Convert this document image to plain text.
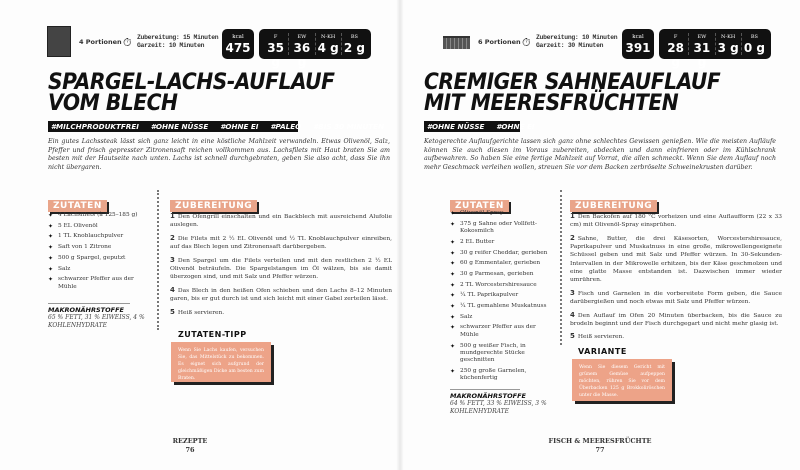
4 Portionen ⏱ Zubereitung: 15 Minuten
Garzeit: 10 Minuten
kcal
475
F
35 g
EW
36 g
N-KH
4 g
BS
2 g
SPARGEL-LACHS-AUFLAUF
VOM BLECH
#MILCHPRODUKTFREI #OHNE NÜSSE #OHNE EI #PALEO #BIS 30 MINUTEN
Ein gutes Lachssteak lässt sich ganz leicht in eine köstliche Mahlzeit verwandeln. Etwas Olivenöl, Salz, Pfeffer und frisch gepresster Zitronensaft reichen vollkommen aus. Lachsfilets mit Haut braten Sie am besten mit der Hautseite nach unten. Lachs ist schnell durchgebraten, geben Sie also acht, dass Sie ihn nicht übergaren.
ZUTATEN
✦ 4 Lachsfilets (à 125–185 g)
✦ 5 EL Olivenöl
✦ 1 TL Knoblauchpulver
✦ Saft von 1 Zitrone
✦ 500 g Spargel, geputzt
✦ Salz
✦ schwarzer Pfeffer aus der Mühle
MAKRONÄHRSTOFFE
65 % FETT, 31 % EIWEISS, 4 % KOHLENHYDRATE
ZUBEREITUNG
1 Den Ofengrill einschalten und ein Backblech mit ausreichend Alufolie auslegen.
2 Die Filets mit 2 ½ EL Olivenöl und ½ TL Knoblauchpulver einreiben, auf das Blech legen und Zitronensaft darübergeben.
3 Den Spargel um die Filets verteilen und mit den restlichen 2 ½ EL Olivenöl beträufeln. Die Spargelstangen im Öl wälzen, bis sie damit überzogen sind, und mit Salz und Pfeffer würzen.
4 Das Blech in den heißen Ofen schieben und den Lachs 8–12 Minuten garen, bis er gut durch ist und sich leicht mit einer Gabel zerteilen lässt.
5 Heiß servieren.
ZUTATEN-TIPP
Wenn Sie Lachs kaufen, versuchen Sie, das Mittelstück zu bekommen. Es eignet sich aufgrund der gleichmäßigen Dicke am besten zum Braten.
REZEPTE
76
6 Portionen ⏱ Zubereitung: 10 Minuten
Garzeit: 30 Minuten
kcal
391
F
28 g
EW
31 g
N-KH
3 g
BS
0 g
CREMIGER SAHNEAUFLAUF
MIT MEERESFRÜCHTEN
#OHNE NÜSSE #OHNE EI
Ketogerechte Auflaufgerichte lassen sich ganz ohne schlechtes Gewissen genießen. Wie die meisten Aufläufe können Sie auch diesen im Voraus zubereiten, abdecken und dann einfrieren oder im Kühlschrank aufbewahren. So haben Sie eine fertige Mahlzeit auf Vorrat, die allen schmeckt. Wenn Sie dem Auflauf noch mehr Geschmack verleihen wollen, streuen Sie vor dem Backen zerbröselte Schweinekrusten darüber.
ZUTATEN
✦ Olivenöl-Spray
✦ 375 g Sahne oder Vollfett-Kokosmilch
✦ 2 EL Butter
✦ 30 g reifer Cheddar, gerieben
✦ 60 g Emmentaler, gerieben
✦ 30 g Parmesan, gerieben
✦ 2 TL Worcestershiresauce
✦ ¼ TL Paprikapulver
✦ ¼ TL gemahlene Muskatnuss
✦ Salz
✦ schwarzer Pfeffer aus der Mühle
✦ 500 g weißer Fisch, in mundgerechte Stücke geschnitten
✦ 250 g große Garnelen, küchenfertig
MAKRONÄHRSTOFFE
64 % FETT, 33 % EIWEISS, 3 % KOHLENHYDRATE
ZUBEREITUNG
1 Den Backofen auf 180 °C vorheizen und eine Auflaufform (22 x 33 cm) mit Olivenöl-Spray einsprühen.
2 Sahne, Butter, die drei Käsesorten, Worcestershiresauce, Paprikapulver und Muskatnuss in eine große, mikrowellengeeignete Schüssel geben und mit Salz und Pfeffer würzen. In 30-Sekunden-Intervallen in der Mikrowelle erhitzen, bis der Käse geschmolzen und eine glatte Masse entstanden ist. Dazwischen immer wieder umrühren.
3 Fisch und Garnelen in die vorbereitete Form geben, die Sauce darübergießen und noch etwas mit Salz und Pfeffer würzen.
4 Den Auflauf im Ofen 20 Minuten überbacken, bis die Sauce zu brodeln beginnt und der Fisch durchgegart und nicht mehr glasig ist.
5 Heiß servieren.
VARIANTE
Wenn Sie diesem Gericht mit grünem Gemüse aufpeppen möchten, rühren Sie vor dem Überbacken 125 g Brokkoliröschen unter die Masse.
FISCH & MEERESFRÜCHTE
77
